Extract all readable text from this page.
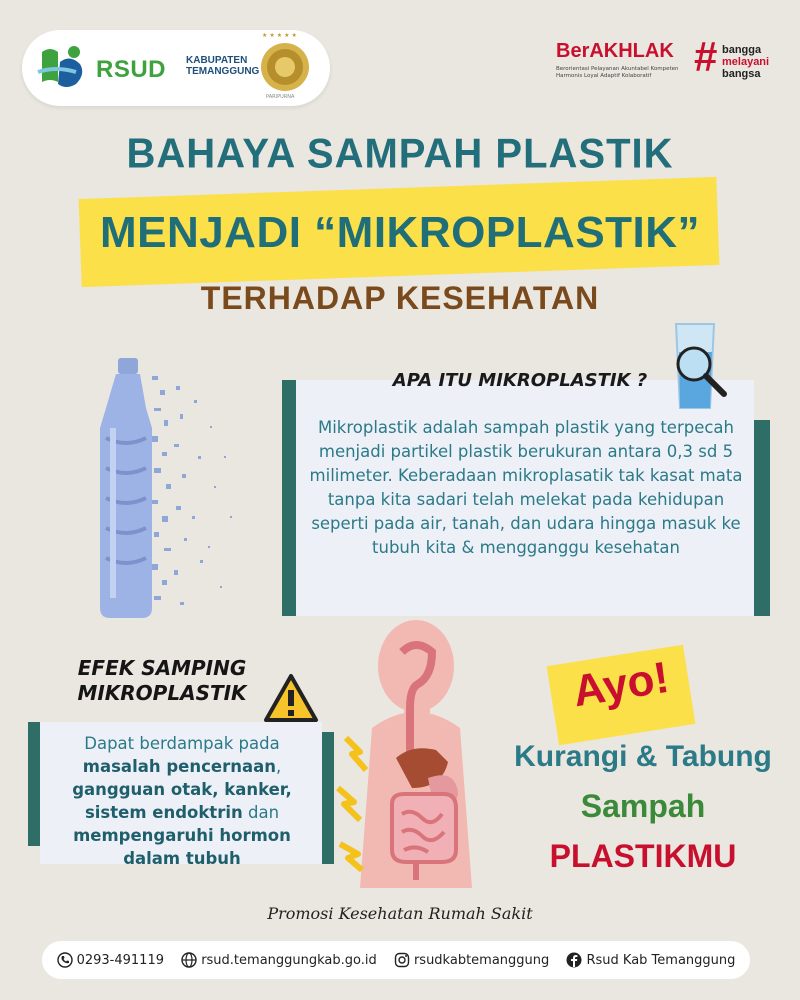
RSUD KABUPATEN
TEMANGGUNG
★★★★★
PARIPURNA
BerAKHLAK
Berorientasi Pelayanan Akuntabel Kompeten Harmonis Loyal Adaptif Kolaboratif	# bangga
melayani
bangsa
BAHAYA SAMPAH PLASTIK
MENJADI “MIKROPLASTIK”
TERHADAP KESEHATAN
APA ITU MIKROPLASTIK ?
Mikroplastik adalah sampah plastik yang terpecah menjadi partikel plastik berukuran antara 0,3 sd 5 milimeter. Keberadaan mikroplasatik tak kasat mata tanpa kita sadari telah melekat pada kehidupan seperti pada air, tanah, dan udara hingga masuk ke tubuh kita & mengganggu kesehatan
EFEK SAMPING
MIKROPLASTIK
Dapat berdampak pada
masalah pencernaan,
gangguan otak, kanker,
sistem endoktrin dan
mempengaruhi hormon
dalam tubuh
Ayo!
Kurangi & Tabung
Sampah
PLASTIKMU
Promosi Kesehatan Rumah Sakit
0293-491119	rsud.temanggungkab.go.id	rsudkabtemanggung	Rsud Kab Temanggung
